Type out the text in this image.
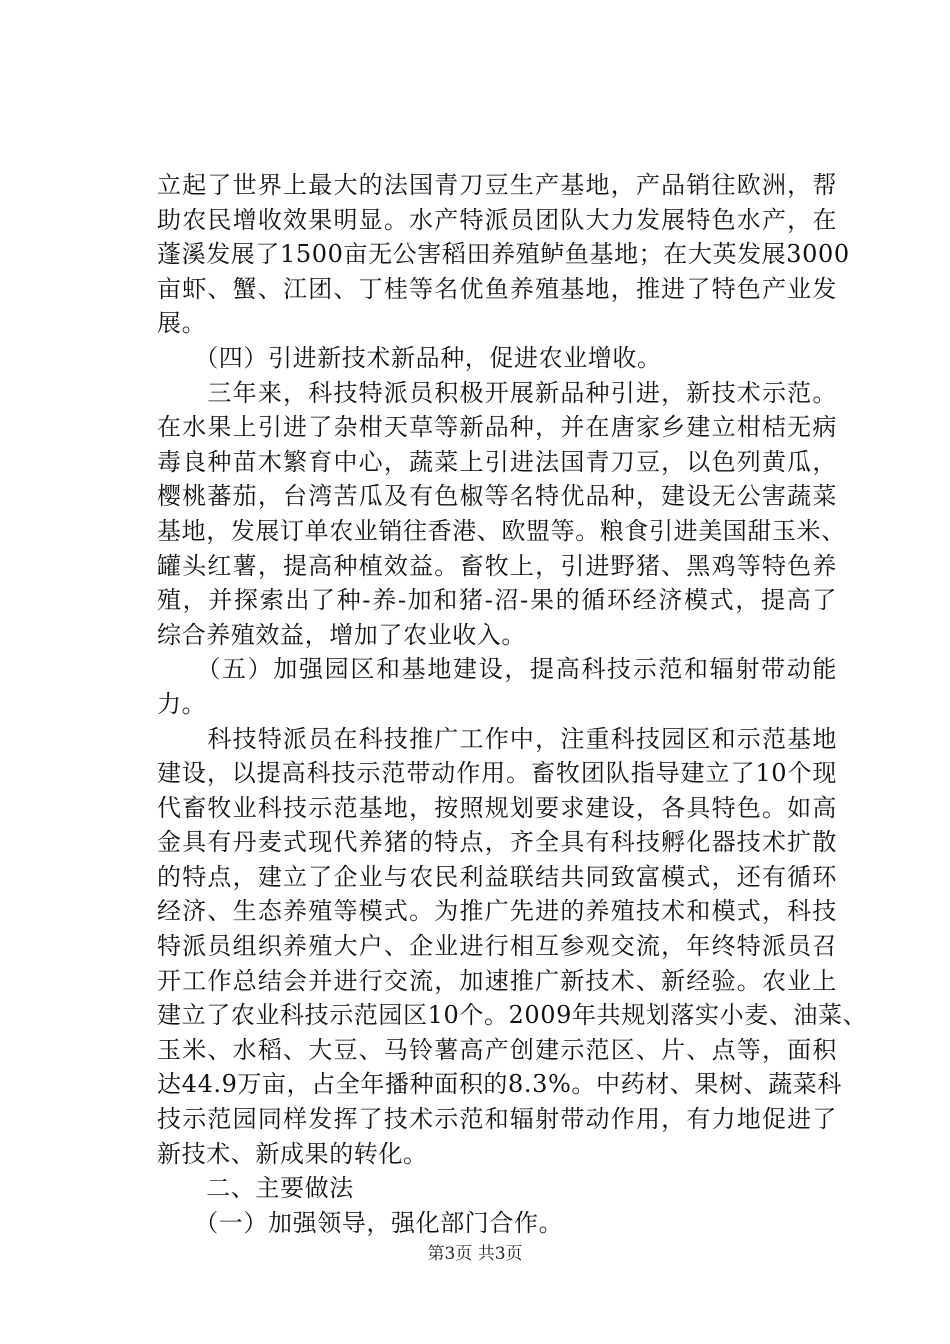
立起了世界上最大的法国青刀豆生产基地，产品销往欧洲，帮
助农民增收效果明显。水产特派员团队大力发展特色水产，在
蓬溪发展了1500亩无公害稻田养殖鲈鱼基地；在大英发展3000
亩虾、蟹、江团、丁桂等名优鱼养殖基地，推进了特色产业发
展。
　　（四）引进新技术新品种，促进农业增收。
　　三年来，科技特派员积极开展新品种引进，新技术示范。
在水果上引进了杂柑天草等新品种，并在唐家乡建立柑桔无病
毒良种苗木繁育中心，蔬菜上引进法国青刀豆，以色列黄瓜，
樱桃蕃茄，台湾苦瓜及有色椒等名特优品种，建设无公害蔬菜
基地，发展订单农业销往香港、欧盟等。粮食引进美国甜玉米、
罐头红薯，提高种植效益。畜牧上，引进野猪、黑鸡等特色养
殖，并探索出了种-养-加和猪-沼-果的循环经济模式，提高了
综合养殖效益，增加了农业收入。
　　（五）加强园区和基地建设，提高科技示范和辐射带动能
力。
　　科技特派员在科技推广工作中，注重科技园区和示范基地
建设，以提高科技示范带动作用。畜牧团队指导建立了10个现
代畜牧业科技示范基地，按照规划要求建设，各具特色。如高
金具有丹麦式现代养猪的特点，齐全具有科技孵化器技术扩散
的特点，建立了企业与农民利益联结共同致富模式，还有循环
经济、生态养殖等模式。为推广先进的养殖技术和模式，科技
特派员组织养殖大户、企业进行相互参观交流，年终特派员召
开工作总结会并进行交流，加速推广新技术、新经验。农业上
建立了农业科技示范园区10个。2009年共规划落实小麦、油菜、
玉米、水稻、大豆、马铃薯高产创建示范区、片、点等，面积
达44.9万亩，占全年播种面积的8.3%。中药材、果树、蔬菜科
技示范园同样发挥了技术示范和辐射带动作用，有力地促进了
新技术、新成果的转化。
　　二、主要做法
　　（一）加强领导，强化部门合作。
第3页 共3页
